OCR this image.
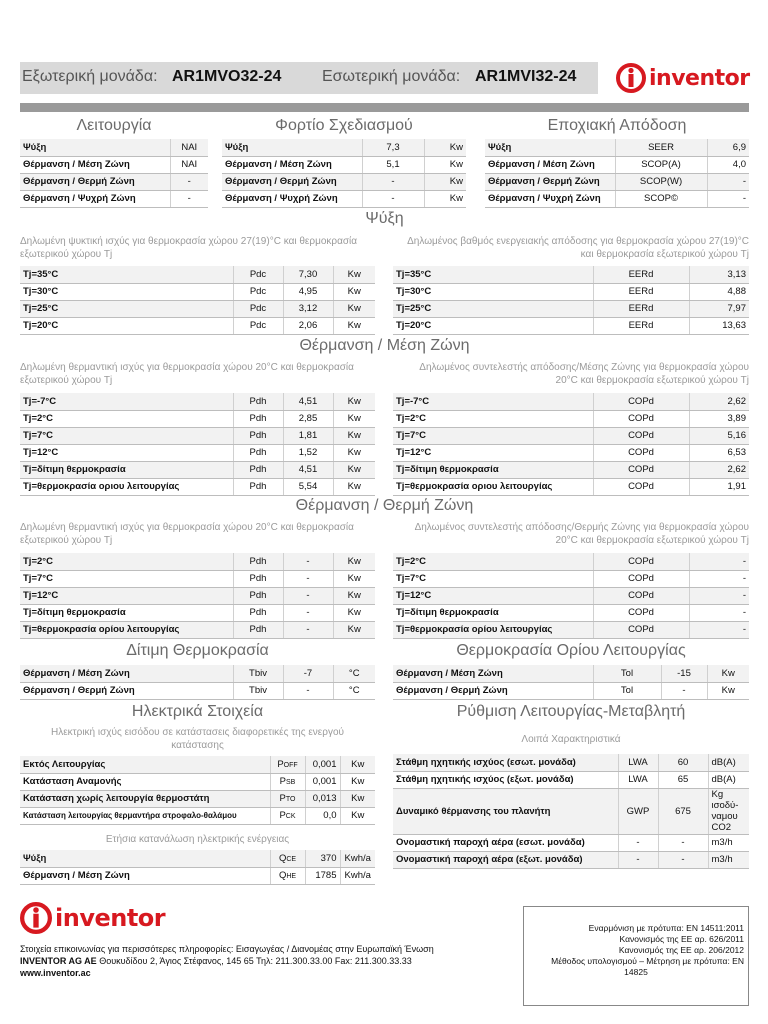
Εξωτερική μονάδα: AR1MVO32-24	Εσωτερική μονάδα: AR1MVI32-24	inventor
Λειτουργία	Φορτίο Σχεδιασμού	Εποχιακή Απόδοση
Ψύξη	ΝΑΙ
Θέρμανση / Μέση Ζώνη	ΝΑΙ
Θέρμανση / Θερμή Ζώνη	-
Θέρμανση / Ψυχρή Ζώνη	-
Ψύξη	7,3	Kw
Θέρμανση / Μέση Ζώνη	5,1	Kw
Θέρμανση / Θερμή Ζώνη	-	Kw
Θέρμανση / Ψυχρή Ζώνη	-	Kw
Ψύξη	SEER	6,9
Θέρμανση / Μέση Ζώνη	SCOP(A)	4,0
Θέρμανση / Θερμή Ζώνη	SCOP(W)	-
Θέρμανση / Ψυχρή Ζώνη	SCOP©	-
Ψύξη
Δηλωμένη ψυκτική ισχύς για θερμοκρασία χώρου 27(19)°C και θερμοκρασία εξωτερικού χώρου Tj
Δηλωμένος βαθμός ενεργειακής απόδοσης για θερμοκρασία χώρου 27(19)°C και θερμοκρασία εξωτερικού χώρου Tj
Tj=35°C	Pdc	7,30	Kw
Tj=30°C	Pdc	4,95	Kw
Tj=25°C	Pdc	3,12	Kw
Tj=20°C	Pdc	2,06	Kw
Tj=35°C	EERd	3,13
Tj=30°C	EERd	4,88
Tj=25°C	EERd	7,97
Tj=20°C	EERd	13,63
Θέρμανση / Μέση Ζώνη
Δηλωμένη θερμαντική ισχύς για θερμοκρασία χώρου 20°C και θερμοκρασία εξωτερικού χώρου Tj
Δηλωμένος συντελεστής απόδοσης/Μέσης Ζώνης για θερμοκρασία χώρου 20°C και θερμοκρασία εξωτερικού χώρου Tj
Tj=-7°C	Pdh	4,51	Kw
Tj=2°C	Pdh	2,85	Kw
Tj=7°C	Pdh	1,81	Kw
Tj=12°C	Pdh	1,52	Kw
Tj=δίτιμη θερμοκρασία	Pdh	4,51	Kw
Tj=θερμοκρασία οριου λειτουργίας	Pdh	5,54	Kw
Tj=-7°C	COPd	2,62
Tj=2°C	COPd	3,89
Tj=7°C	COPd	5,16
Tj=12°C	COPd	6,53
Tj=δίτιμη θερμοκρασία	COPd	2,62
Tj=θερμοκρασία οριου λειτουργίας	COPd	1,91
Θέρμανση / Θερμή Ζώνη
Δηλωμένη θερμαντική ισχύς για θερμοκρασία χώρου 20°C και θερμοκρασία εξωτερικού χώρου Tj
Δηλωμένος συντελεστής απόδοσης/Θερμής Ζώνης για θερμοκρασία χώρου 20°C και θερμοκρασία εξωτερικού χώρου Tj
Tj=2°C	Pdh	-	Kw
Tj=7°C	Pdh	-	Kw
Tj=12°C	Pdh	-	Kw
Tj=δίτιμη θερμοκρασία	Pdh	-	Kw
Tj=θερμοκρασία ορίου λειτουργίας	Pdh	-	Kw
Tj=2°C	COPd	-
Tj=7°C	COPd	-
Tj=12°C	COPd	-
Tj=δίτιμη θερμοκρασία	COPd	-
Tj=θερμοκρασία ορίου λειτουργίας	COPd	-
Δίτιμη Θερμοκρασία	Θερμοκρασία Ορίου Λειτουργίας
Θέρμανση / Μέση Ζώνη	Tbiv	-7	°C
Θέρμανση / Θερμή Ζώνη	Tbiv	-	°C
Θέρμανση / Μέση Ζώνη	Tol	-15	Kw
Θέρμανση / Θερμή Ζώνη	Tol	-	Kw
Ηλεκτρικά Στοιχεία	Ρύθμιση Λειτουργίας-Μεταβλητή
Ηλεκτρική ισχύς εισόδου σε κατάστασεις διαφορετικές της ενεργού κατάστασης
Λοιπά Χαρακτηριστικά
Εκτός Λειτουργίας	POFF	0,001	Kw
Κατάσταση Αναμονής	PSB	0,001	Kw
Κατάσταση χωρίς λειτουργία θερμοστάτη	PTO	0,013	Kw
Κατάσταση λειτουργίας θερμαντήρα στροφαλο-θαλάμου	PCK	0,0	Kw
Ετήσια κατανάλωση ηλεκτρικής ενέργειας
Ψύξη	QCE	370	Kwh/a
Θέρμανση / Μέση Ζώνη	QHE	1785	Kwh/a
Στάθμη ηχητικής ισχύος (εσωτ. μονάδα)	LWA	60	dB(A)
Στάθμη ηχητικής ισχύος (εξωτ. μονάδα)	LWA	65	dB(A)
Δυναμικό θέρμανσης του πλανήτη	GWP	675	Kg ισοδύ-ναμου CO2
Ονομαστική παροχή αέρα (εσωτ. μονάδα)	-	-	m3/h
Ονομαστική παροχή αέρα (εξωτ. μονάδα)	-	-	m3/h
inventor
Στοιχεία επικοινωνίας για περισσότερες πληροφορίες: Εισαγωγέας / Διανομέας στην Ευρωπαϊκή Ένωση
INVENTOR AG AE Θουκυδίδου 2, Άγιος Στέφανος, 145 65 Τηλ: 211.300.33.00 Fax: 211.300.33.33
www.inventor.ac
Εναρμόνιση με πρότυπα: EN 14511:2011
Κανονισμός της ΕΕ αρ. 626/2011
Κανονισμός της ΕΕ αρ. 206/2012
Μέθοδος υπολογισμού – Μέτρηση με πρότυπα: EN
14825
